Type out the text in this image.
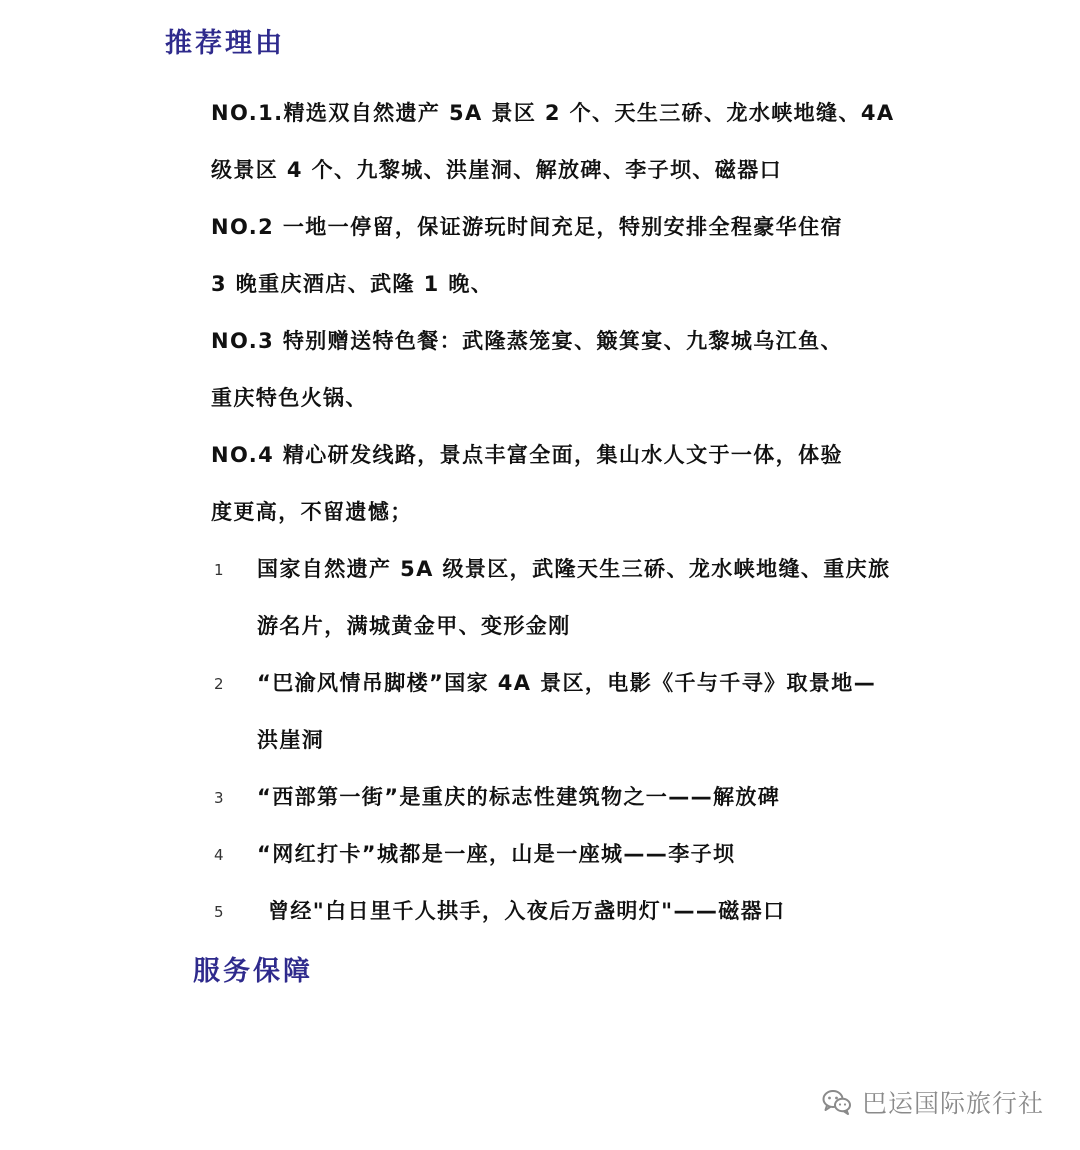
推荐理由
NO.1.精选双自然遗产 5A 景区 2 个、天生三硚、龙水峡地缝、4A
级景区 4 个、九黎城、洪崖洞、解放碑、李子坝、磁器口
NO.2 一地一停留，保证游玩时间充足，特别安排全程豪华住宿
3 晚重庆酒店、武隆 1 晚、
NO.3 特别赠送特色餐：武隆蒸笼宴、簸箕宴、九黎城乌江鱼、
重庆特色火锅、
NO.4 精心研发线路，景点丰富全面，集山水人文于一体，体验
度更高，不留遗憾；
1 国家自然遗产 5A 级景区，武隆天生三硚、龙水峡地缝、重庆旅
游名片，满城黄金甲、变形金刚
2 “巴渝风情吊脚楼”国家 4A 景区，电影《千与千寻》取景地—
洪崖洞
3 “西部第一街”是重庆的标志性建筑物之一——解放碑
4 “网红打卡”城都是一座，山是一座城——李子坝
5 曾经"白日里千人拱手，入夜后万盏明灯"——磁器口
服务保障
巴运国际旅行社
